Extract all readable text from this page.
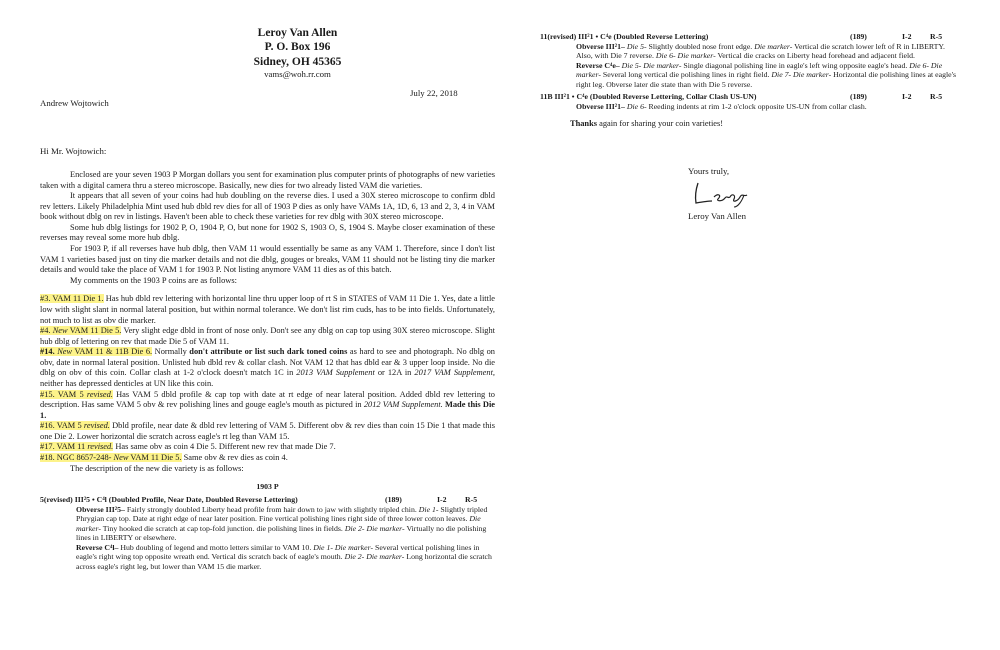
Leroy Van Allen
P. O. Box 196
Sidney, OH 45365
vams@woh.rr.com
July 22, 2018
Andrew Wojtowich
Hi Mr. Wojtowich:

Enclosed are your seven 1903 P Morgan dollars you sent for examination plus computer prints of photographs of new varieties taken with a digital camera thru a stereo microscope. Basically, new dies for two already listed VAM die varieties.

It appears that all seven of your coins had hub doubling on the reverse dies. I used a 30X stereo microscope to confirm dbld rev letters. Likely Philadelphia Mint used hub dbld rev dies for all of 1903 P dies as only have VAMs 1A, 1D, 6, 13 and 2, 3, 4 in VAM book without dblg on rev in listings. Haven't been able to check these varieties for rev dblg with 30X stereo microscope.

Some hub dblg listings for 1902 P, O, 1904 P, O, but none for 1902 S, 1903 O, S, 1904 S. Maybe closer examination of these reverses may reveal some more hub dblg.

For 1903 P, if all reverses have hub dblg, then VAM 11 would essentially be same as any VAM 1. Therefore, since I don't list VAM 1 varieties based just on tiny die marker details and not die dblg, gouges or breaks, VAM 11 should not be listing tiny die marker details and would take the place of VAM 1 for 1903 P. Not listing anymore VAM 11 dies as of this batch.

My comments on the 1903 P coins are as follows:

#3. VAM 11 Die 1. Has hub dbld rev lettering with horizontal line thru upper loop of rt S in STATES of VAM 11 Die 1. Yes, date a little low with slight slant in normal lateral position, but within normal tolerance. We don't list rim cuds, has to be into fields. Unfortunately, not much to list as obv die marker.

#4. New VAM 11 Die 5. Very slight edge dbld in front of nose only. Don't see any dblg on cap top using 30X stereo microscope. Slight hub dblg of lettering on rev that made Die 5 of VAM 11.

#14. New VAM 11 & 11B Die 6. Normally don't attribute or list such dark toned coins as hard to see and photograph. No dblg on obv, date in normal lateral position. Unlisted hub dbld rev & collar clash. Not VAM 12 that has dbld ear & 3 upper loop inside. No die dblg on obv of this coin. Collar clash at 1-2 o'clock doesn't match 1C in 2013 VAM Supplement or 12A in 2017 VAM Supplement, neither has depressed denticles at UN like this coin.

#15. VAM 5 revised. Has VAM 5 dbld profile & cap top with date at rt edge of near lateral position. Added dbld rev lettering to description. Has same VAM 5 obv & rev polishing lines and gouge eagle's mouth as pictured in 2012 VAM Supplement. Made this Die 1.

#16. VAM 5 revised. Dbld profile, near date & dbld rev lettering of VAM 5. Different obv & rev dies than coin 15 Die 1 that made this one Die 2. Lower horizontal die scratch across eagle's rt leg than VAM 15.

#17. VAM 11 revised. Has same obv as coin 4 Die 5. Different new rev that made Die 7.

#18. NGC 8657-248- New VAM 11 Die 5. Same obv & rev dies as coin 4.

The description of the new die variety is as follows:

1903 P

5(revised) III²5 • C⁴l (Doubled Profile, Near Date, Doubled Reverse Lettering)	(189)	I-2	R-5
Obverse III²5– Fairly strongly doubled Liberty head profile from hair down to jaw with slightly tripled chin. Die 1- Slightly tripled Phrygian cap top. Date at right edge of near later position. Fine vertical polishing lines right side of three lower cotton leaves. Die marker- Tiny hooked die scratch at cap top-fold junction. die polishing lines in fields. Die 2- Die marker- Virtually no die polishing lines in LIBERTY or elsewhere.
Reverse C⁴l– Hub doubling of legend and motto letters similar to VAM 10. Die 1- Die marker- Several vertical polishing lines in eagle's right wing top opposite wreath end. Vertical dis scratch back of eagle's mouth. Die 2- Die marker- Long horizontal die scratch across eagle's right leg, but lower than VAM 15 die marker.
11(revised) III²1 • C⁴e (Doubled Reverse Lettering)	(189)	I-2	R-5
Obverse III²1– Die 5- Slightly doubled nose front edge. Die marker- Vertical die scratch lower left of R in LIBERTY. Also, with Die 7 reverse. Die 6- Die marker- Vertical die cracks on Liberty head forehead and adjacent field.
Reverse C⁴e– Die 5- Die marker- Single diagonal polishing line in eagle's left wing opposite eagle's head. Die 6- Die marker- Several long vertical die polishing lines in right field. Die 7- Die marker- Horizontal die polishing lines at eagle's right leg. Obverse later die state than with Die 5 reverse.
11B III²1 • C⁴e (Doubled Reverse Lettering, Collar Clash US-UN)	(189)	I-2	R-5
Obverse III²1– Die 6- Reeding indents at rim 1-2 o'clock opposite US-UN from collar clash.

Thanks again for sharing your coin varieties!

Yours truly,
Leroy Van Allen
